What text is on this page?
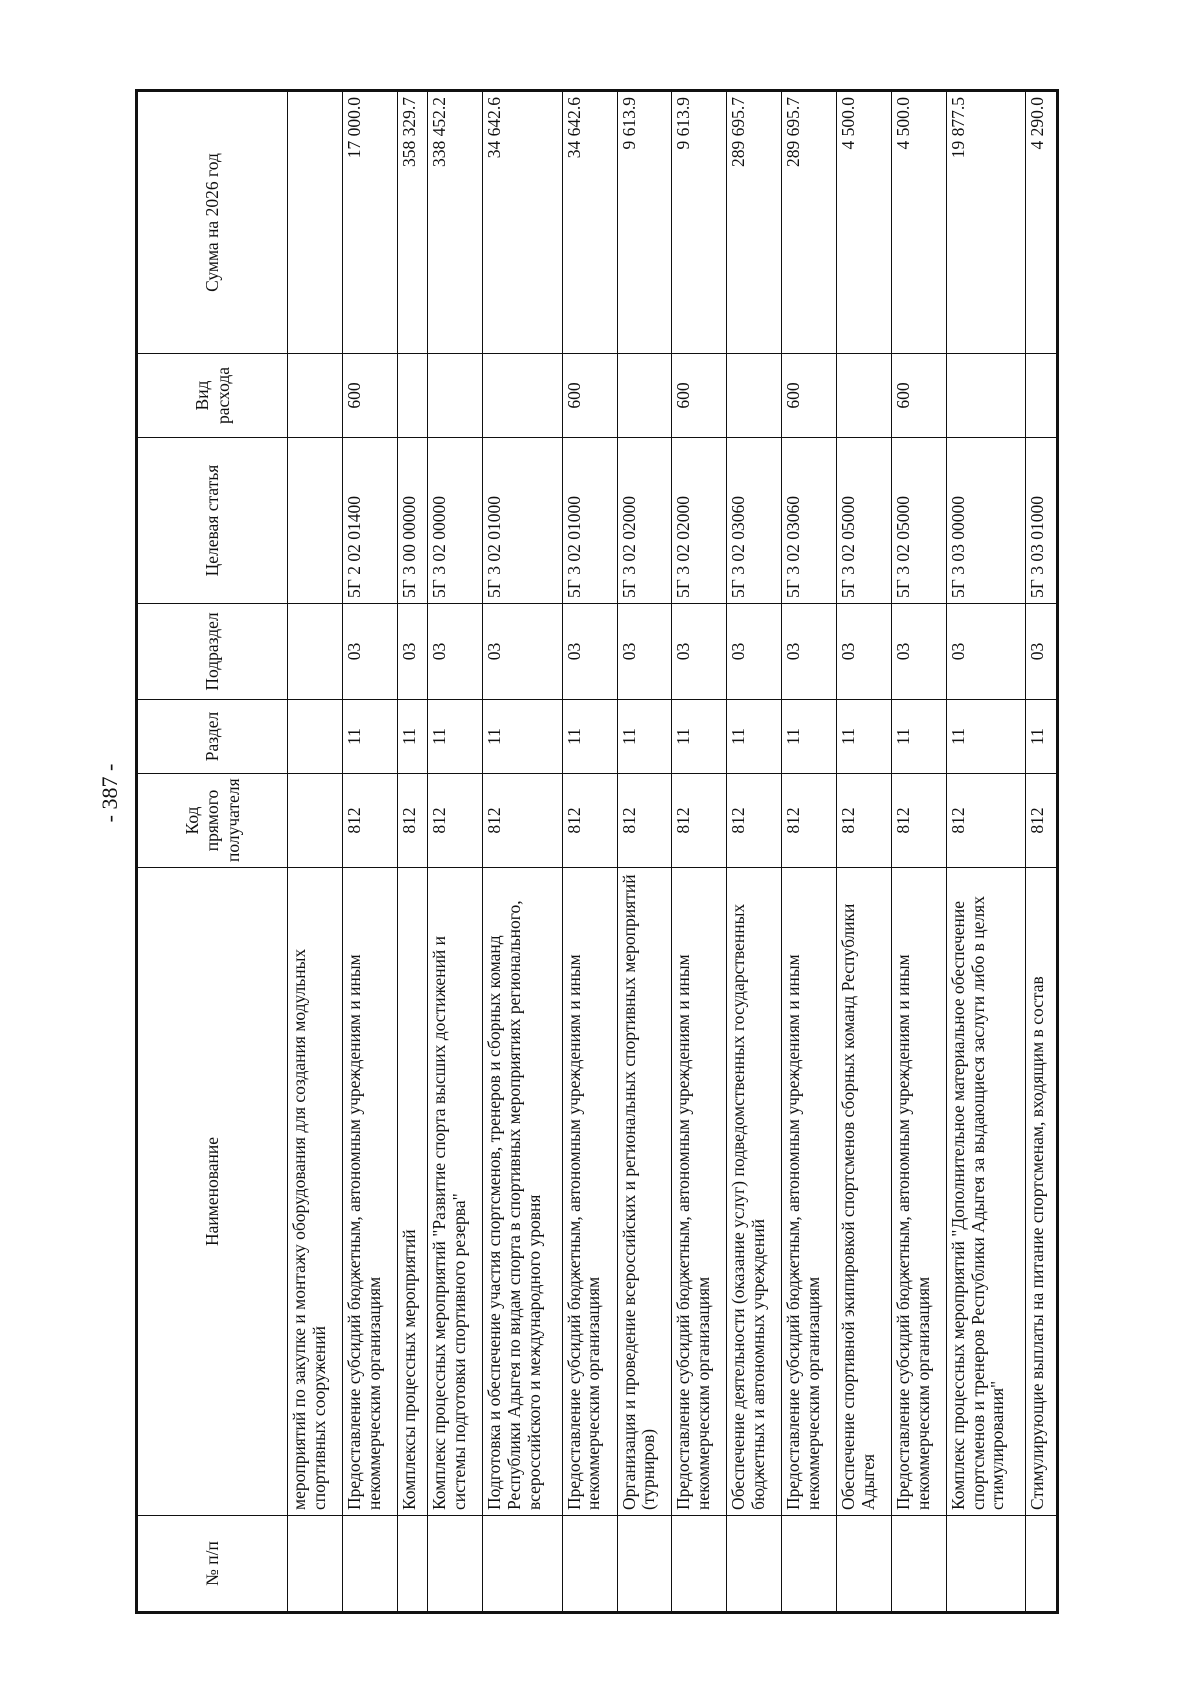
- 387 -
№ п/п	Наименование	Код прямого получателя	Раздел	Подраздел	Целевая статья	Вид расхода	Сумма на 2026 год
	мероприятий по закупке и монтажу оборудования для создания модульных спортивных сооружений						
	Предоставление субсидий бюджетным, автономным учреждениям и иным некоммерческим организациям	812	11	03	5Г 2 02 01400	600	17 000.0
	Комплексы процессных мероприятий	812	11	03	5Г 3 00 00000		358 329.7
	Комплекс процессных мероприятий "Развитие спорта высших достижений и системы подготовки спортивного резерва"	812	11	03	5Г 3 02 00000		338 452.2
	Подготовка и обеспечение участия спортсменов, тренеров и сборных команд Республики Адыгея по видам спорта в спортивных мероприятиях регионального, всероссийского и международного уровня	812	11	03	5Г 3 02 01000		34 642.6
	Предоставление субсидий бюджетным, автономным учреждениям и иным некоммерческим организациям	812	11	03	5Г 3 02 01000	600	34 642.6
	Организация и проведение всероссийских и региональных спортивных мероприятий (турниров)	812	11	03	5Г 3 02 02000		9 613.9
	Предоставление субсидий бюджетным, автономным учреждениям и иным некоммерческим организациям	812	11	03	5Г 3 02 02000	600	9 613.9
	Обеспечение деятельности (оказание услуг) подведомственных государственных бюджетных и автономных учреждений	812	11	03	5Г 3 02 03060		289 695.7
	Предоставление субсидий бюджетным, автономным учреждениям и иным некоммерческим организациям	812	11	03	5Г 3 02 03060	600	289 695.7
	Обеспечение спортивной экипировкой спортсменов сборных команд Республики Адыгея	812	11	03	5Г 3 02 05000		4 500.0
	Предоставление субсидий бюджетным, автономным учреждениям и иным некоммерческим организациям	812	11	03	5Г 3 02 05000	600	4 500.0
	Комплекс процессных мероприятий "Дополнительное материальное обеспечение спортсменов и тренеров Республики Адыгея за выдающиеся заслуги либо в целях стимулирования"	812	11	03	5Г 3 03 00000		19 877.5
	Стимулирующие выплаты на питание спортсменам, входящим в состав	812	11	03	5Г 3 03 01000		4 290.0
